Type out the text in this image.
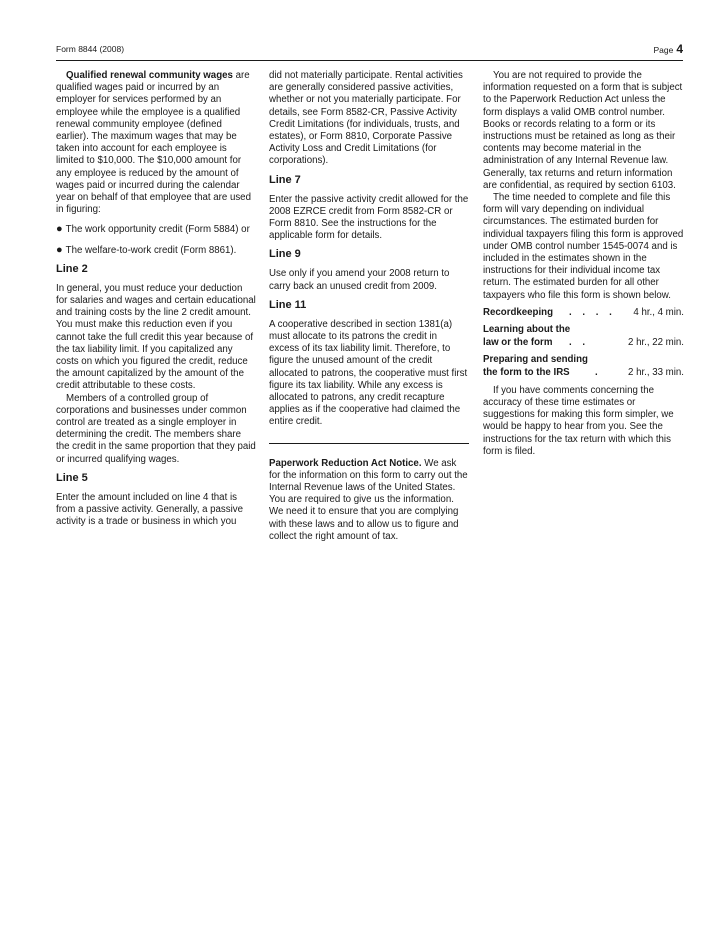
Form 8844 (2008)	Page 4

Qualified renewal community wages are qualified wages paid or incurred by an employer for services performed by an employee while the employee is a qualified renewal community employee (defined earlier). The maximum wages that may be taken into account for each employee is limited to $10,000. The $10,000 amount for any employee is reduced by the amount of wages paid or incurred during the calendar year on behalf of that employee that are used in figuring:

● The work opportunity credit (Form 5884) or

● The welfare-to-work credit (Form 8861).

Line 2

In general, you must reduce your deduction for salaries and wages and certain educational and training costs by the line 2 credit amount. You must make this reduction even if you cannot take the full credit this year because of the tax liability limit. If you capitalized any costs on which you figured the credit, reduce the amount capitalized by the amount of the credit attributable to these costs.

Members of a controlled group of corporations and businesses under common control are treated as a single employer in determining the credit. The members share the credit in the same proportion that they paid or incurred qualifying wages.

Line 5

Enter the amount included on line 4 that is from a passive activity. Generally, a passive activity is a trade or business in which you

did not materially participate. Rental activities are generally considered passive activities, whether or not you materially participate. For details, see Form 8582-CR, Passive Activity Credit Limitations (for individuals, trusts, and estates), or Form 8810, Corporate Passive Activity Loss and Credit Limitations (for corporations).

Line 7

Enter the passive activity credit allowed for the 2008 EZRCE credit from Form 8582-CR or Form 8810. See the instructions for the applicable form for details.

Line 9

Use only if you amend your 2008 return to carry back an unused credit from 2009.

Line 11

A cooperative described in section 1381(a) must allocate to its patrons the credit in excess of its tax liability limit. Therefore, to figure the unused amount of the credit allocated to patrons, the cooperative must first figure its tax liability. While any excess is allocated to patrons, any credit recapture applies as if the cooperative had claimed the entire credit.

Paperwork Reduction Act Notice. We ask for the information on this form to carry out the Internal Revenue laws of the United States. You are required to give us the information. We need it to ensure that you are complying with these laws and to allow us to figure and collect the right amount of tax.

You are not required to provide the information requested on a form that is subject to the Paperwork Reduction Act unless the form displays a valid OMB control number. Books or records relating to a form or its instructions must be retained as long as their contents may become material in the administration of any Internal Revenue law. Generally, tax returns and return information are confidential, as required by section 6103.

The time needed to complete and file this form will vary depending on individual circumstances. The estimated burden for individual taxpayers filing this form is approved under OMB control number 1545-0074 and is included in the estimates shown in the instructions for their individual income tax return. The estimated burden for all other taxpayers who file this form is shown below.

Recordkeeping . . . . 4 hr., 4 min.
Learning about the
law or the form . .	2 hr., 22 min.
Preparing and sending
the form to the IRS	.	2 hr., 33 min.

If you have comments concerning the accuracy of these time estimates or suggestions for making this form simpler, we would be happy to hear from you. See the instructions for the tax return with which this form is filed.
